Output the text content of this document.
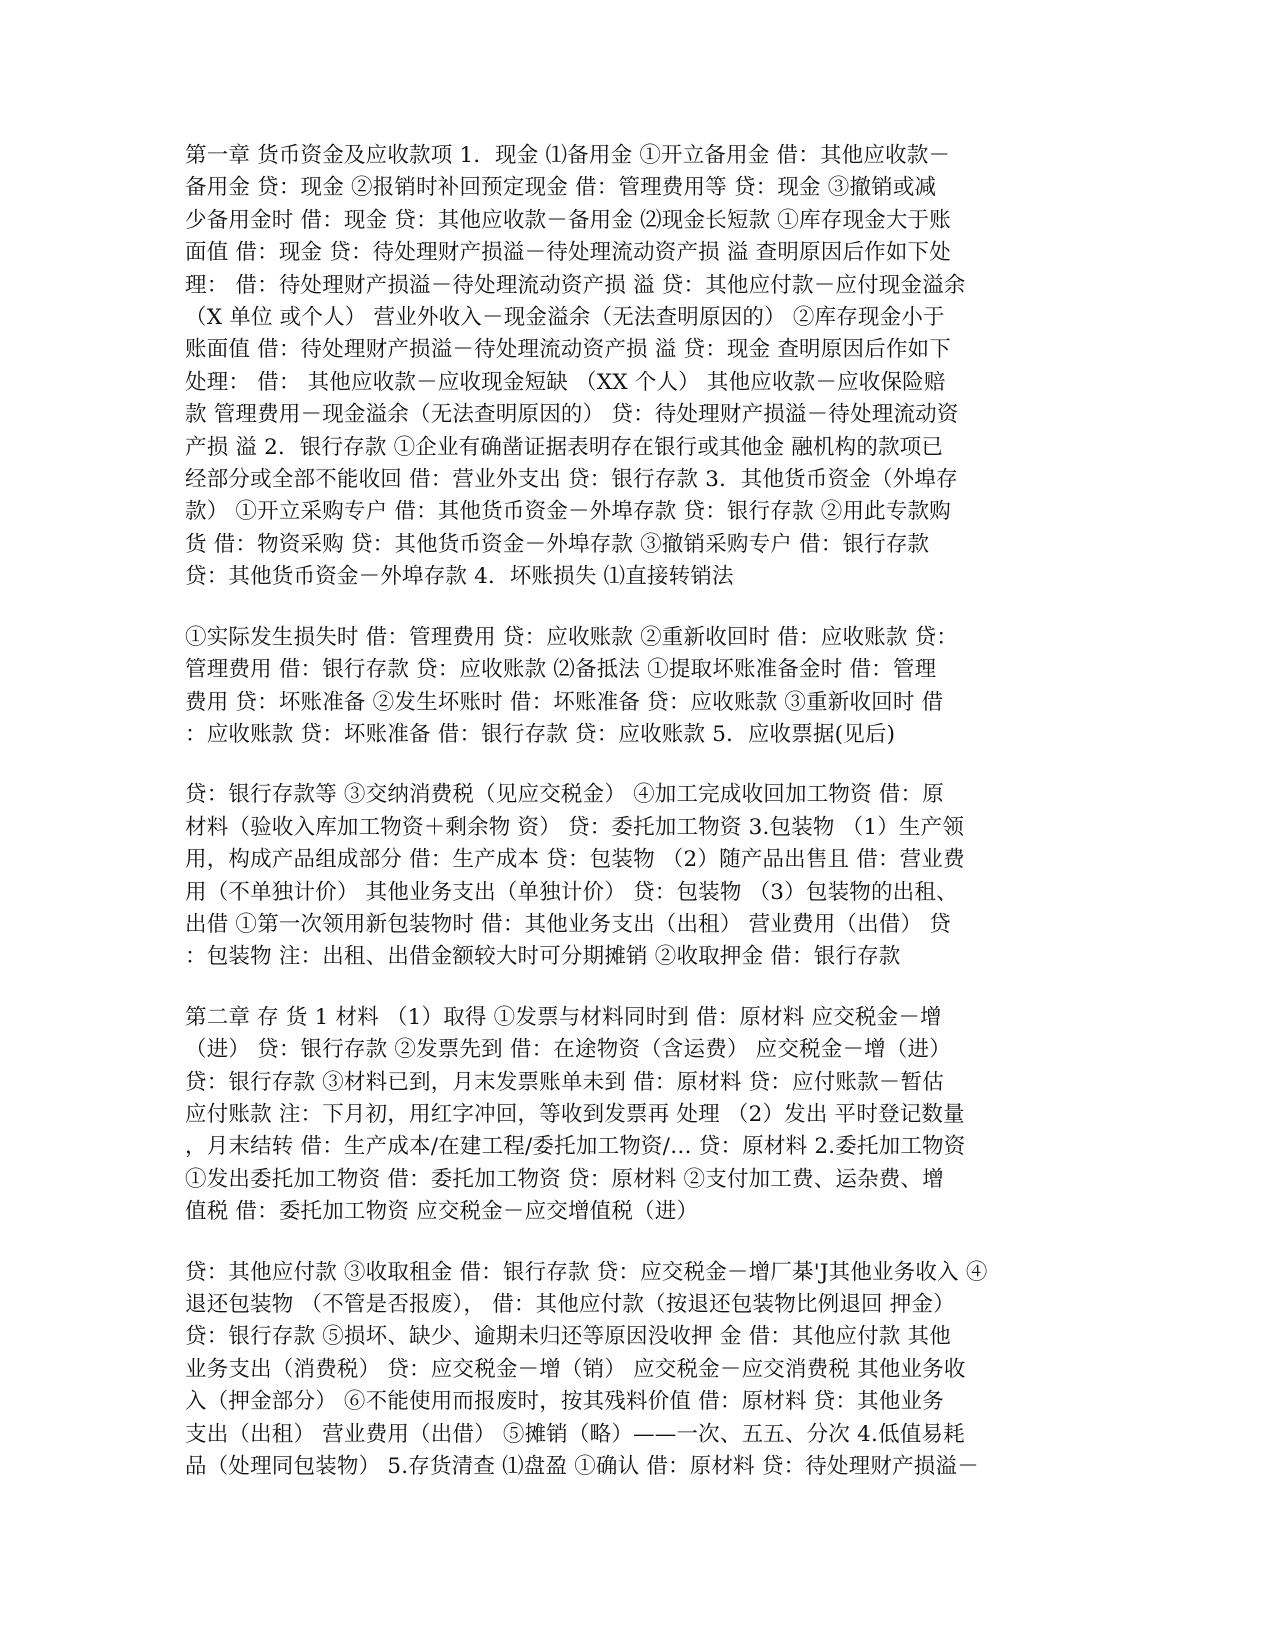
第一章 货币资金及应收款项 1．现金 ⑴备用金 ①开立备用金 借：其他应收款－
备用金 贷：现金 ②报销时补回预定现金 借：管理费用等 贷：现金 ③撤销或减
少备用金时 借：现金 贷：其他应收款－备用金 ⑵现金长短款 ①库存现金大于账
面值 借：现金 贷：待处理财产损溢－待处理流动资产损 溢 查明原因后作如下处
理： 借：待处理财产损溢－待处理流动资产损 溢 贷：其他应付款－应付现金溢余
（X 单位 或个人） 营业外收入－现金溢余（无法查明原因的） ②库存现金小于
账面值 借：待处理财产损溢－待处理流动资产损 溢 贷：现金 查明原因后作如下
处理： 借： 其他应收款－应收现金短缺 （XX 个人） 其他应收款－应收保险赔
款 管理费用－现金溢余（无法查明原因的） 贷：待处理财产损溢－待处理流动资
产损 溢 2．银行存款 ①企业有确凿证据表明存在银行或其他金 融机构的款项已
经部分或全部不能收回 借：营业外支出 贷：银行存款 3．其他货币资金（外埠存
款） ①开立采购专户 借：其他货币资金－外埠存款 贷：银行存款 ②用此专款购
货 借：物资采购 贷：其他货币资金－外埠存款 ③撤销采购专户 借：银行存款
贷：其他货币资金－外埠存款 4．坏账损失 ⑴直接转销法
①实际发生损失时 借：管理费用 贷：应收账款 ②重新收回时 借：应收账款 贷：
管理费用 借：银行存款 贷：应收账款 ⑵备抵法 ①提取坏账准备金时 借：管理
费用 贷：坏账准备 ②发生坏账时 借：坏账准备 贷：应收账款 ③重新收回时 借
：应收账款 贷：坏账准备 借：银行存款 贷：应收账款 5．应收票据(见后)
贷：银行存款等 ③交纳消费税（见应交税金） ④加工完成收回加工物资 借：原
材料（验收入库加工物资＋剩余物 资） 贷：委托加工物资 3.包装物 （1）生产领
用，构成产品组成部分 借：生产成本 贷：包装物 （2）随产品出售且 借：营业费
用（不单独计价） 其他业务支出（单独计价） 贷：包装物 （3）包装物的出租、
出借 ①第一次领用新包装物时 借：其他业务支出（出租） 营业费用（出借） 贷
：包装物 注：出租、出借金额较大时可分期摊销 ②收取押金 借：银行存款
第二章 存 货 1 材料 （1）取得 ①发票与材料同时到 借：原材料 应交税金－增
（进） 贷：银行存款 ②发票先到 借：在途物资（含运费） 应交税金－增（进）
贷：银行存款 ③材料已到，月末发票账单未到 借：原材料 贷：应付账款－暂估
应付账款 注：下月初，用红字冲回，等收到发票再 处理 （2）发出 平时登记数量
，月末结转 借：生产成本/在建工程/委托加工物资/… 贷：原材料 2.委托加工物资
①发出委托加工物资 借：委托加工物资 贷：原材料 ②支付加工费、运杂费、增
值税 借：委托加工物资 应交税金－应交增值税（进）
贷：其他应付款 ③收取租金 借：银行存款 贷：应交税金－增厂棊'J其他业务收入 ④
退还包装物 （不管是否报废）， 借：其他应付款（按退还包装物比例退回 押金）
贷：银行存款 ⑤损坏、缺少、逾期未归还等原因没收押 金 借：其他应付款 其他
业务支出（消费税） 贷：应交税金－增（销） 应交税金－应交消费税 其他业务收
入（押金部分） ⑥不能使用而报废时，按其残料价值 借：原材料 贷：其他业务
支出（出租） 营业费用（出借） ⑤摊销（略）——一次、五五、分次 4.低值易耗
品（处理同包装物） 5.存货清查 ⑴盘盈 ①确认 借：原材料 贷：待处理财产损溢－
